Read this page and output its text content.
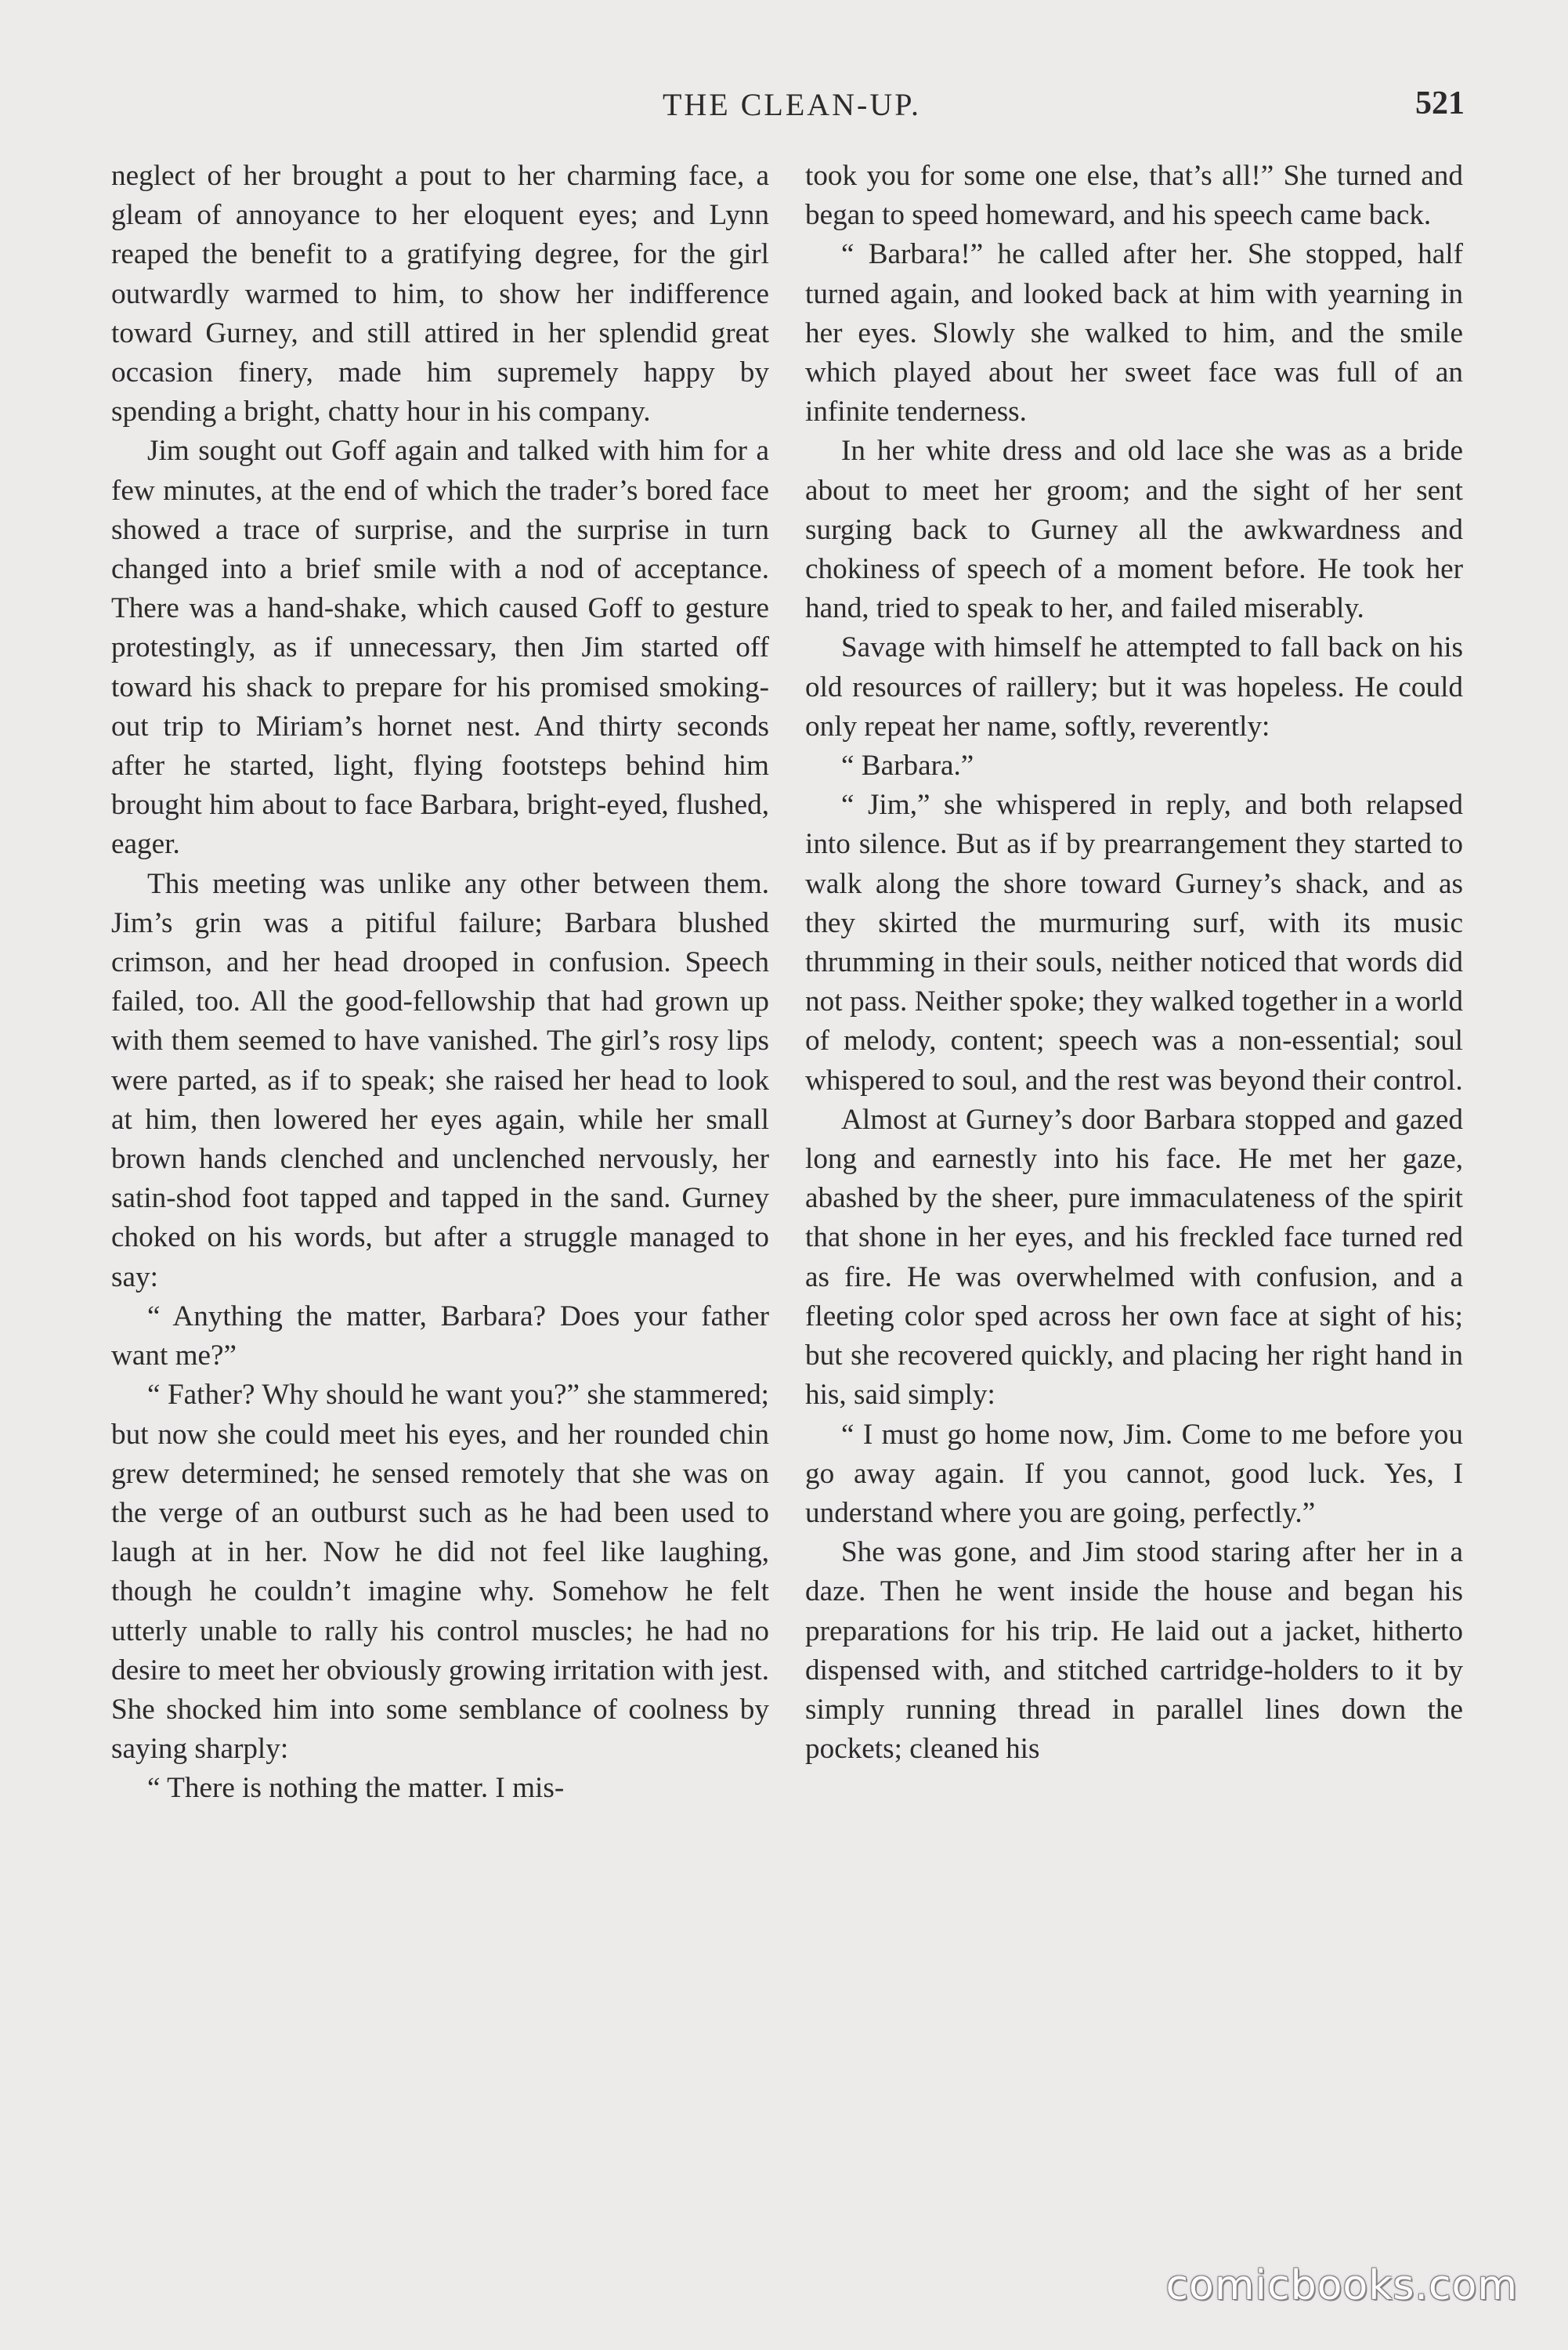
THE CLEAN-UP.	521

neglect of her brought a pout to her charming face, a gleam of annoyance to her eloquent eyes; and Lynn reaped the benefit to a gratifying degree, for the girl outwardly warmed to him, to show her indifference toward Gurney, and still attired in her splendid great occasion finery, made him supremely happy by spending a bright, chatty hour in his company.

Jim sought out Goff again and talked with him for a few minutes, at the end of which the trader’s bored face showed a trace of surprise, and the surprise in turn changed into a brief smile with a nod of acceptance. There was a hand-shake, which caused Goff to gesture protestingly, as if unnecessary, then Jim started off toward his shack to prepare for his promised smoking-out trip to Miriam’s hornet nest. And thirty seconds after he started, light, flying footsteps behind him brought him about to face Barbara, bright-eyed, flushed, eager.

This meeting was unlike any other between them. Jim’s grin was a pitiful failure; Barbara blushed crimson, and her head drooped in confusion. Speech failed, too. All the good-fellowship that had grown up with them seemed to have vanished. The girl’s rosy lips were parted, as if to speak; she raised her head to look at him, then lowered her eyes again, while her small brown hands clenched and unclenched nervously, her satin-shod foot tapped and tapped in the sand. Gurney choked on his words, but after a struggle managed to say:

“ Anything the matter, Barbara? Does your father want me?”

“ Father? Why should he want you?” she stammered; but now she could meet his eyes, and her rounded chin grew determined; he sensed remotely that she was on the verge of an outburst such as he had been used to laugh at in her. Now he did not feel like laughing, though he couldn’t imagine why. Somehow he felt utterly unable to rally his control muscles; he had no desire to meet her obviously growing irritation with jest. She shocked him into some semblance of coolness by saying sharply:

“ There is nothing the matter. I mis-

took you for some one else, that’s all!” She turned and began to speed homeward, and his speech came back.

“ Barbara!” he called after her. She stopped, half turned again, and looked back at him with yearning in her eyes. Slowly she walked to him, and the smile which played about her sweet face was full of an infinite tenderness.

In her white dress and old lace she was as a bride about to meet her groom; and the sight of her sent surging back to Gurney all the awkwardness and chokiness of speech of a moment before. He took her hand, tried to speak to her, and failed miserably.

Savage with himself he attempted to fall back on his old resources of raillery; but it was hopeless. He could only repeat her name, softly, reverently:

“ Barbara.”

“ Jim,” she whispered in reply, and both relapsed into silence. But as if by prearrangement they started to walk along the shore toward Gurney’s shack, and as they skirted the murmuring surf, with its music thrumming in their souls, neither noticed that words did not pass. Neither spoke; they walked together in a world of melody, content; speech was a non-essential; soul whispered to soul, and the rest was beyond their control.

Almost at Gurney’s door Barbara stopped and gazed long and earnestly into his face. He met her gaze, abashed by the sheer, pure immaculateness of the spirit that shone in her eyes, and his freckled face turned red as fire. He was overwhelmed with confusion, and a fleeting color sped across her own face at sight of his; but she recovered quickly, and placing her right hand in his, said simply:

“ I must go home now, Jim. Come to me before you go away again. If you cannot, good luck. Yes, I understand where you are going, perfectly.”

She was gone, and Jim stood staring after her in a daze. Then he went inside the house and began his preparations for his trip. He laid out a jacket, hitherto dispensed with, and stitched cartridge-holders to it by simply running thread in parallel lines down the pockets; cleaned his

comicbooks.com
